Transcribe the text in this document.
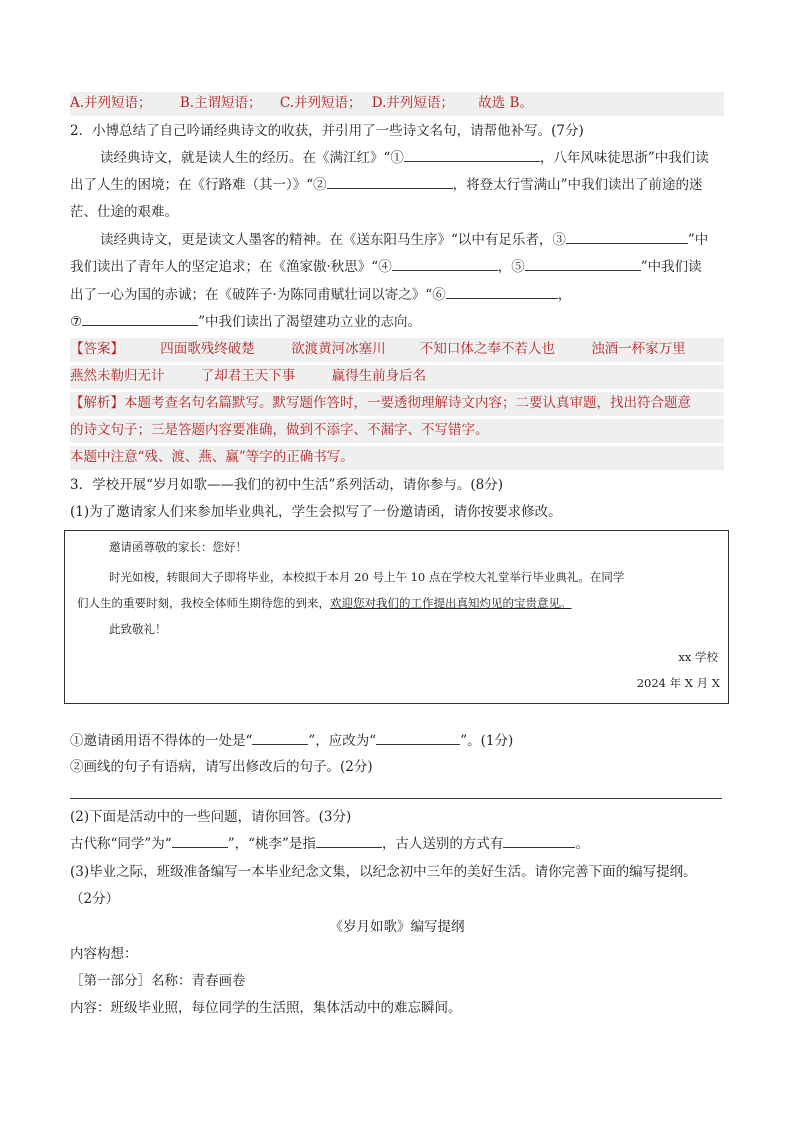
A.并列短语； B.主谓短语； C.并列短语； D.并列短语； 故选 B。
2．小博总结了自己吟诵经典诗文的收获，并引用了一些诗文名句，请帮他补写。(7分)
读经典诗文，就是读人生的经历。在《满江红》“①	，八年风味徒思浙”中我们读
出了人生的困境；在《行路难（其一）》“②	，将登太行雪满山”中我们读出了前途的迷
茫、仕途的艰难。
读经典诗文，更是读文人墨客的精神。在《送东阳马生序》“以中有足乐者，③	”中
我们读出了青年人的坚定追求；在《渔家傲·秋思》“④	，⑤	”中我们读
出了一心为国的赤诚；在《破阵子·为陈同甫赋壮词以寄之》“⑥	，
⑦	”中我们读出了渴望建功立业的志向。
【答案】	四面歌残终破楚	欲渡黄河冰塞川	不知口体之奉不若人也	浊酒一杯家万里
燕然未勒归无计	了却君王天下事	赢得生前身后名
【解析】本题考查名句名篇默写。默写题作答时，一要透彻理解诗文内容；二要认真审题，找出符合题意
的诗文句子；三是答题内容要准确，做到不添字、不漏字、不写错字。
本题中注意“残、渡、燕、赢”等字的正确书写。
3．学校开展“岁月如歌——我们的初中生活”系列活动，请你参与。(8分)
(1)为了邀请家人们来参加毕业典礼，学生会拟写了一份邀请函，请你按要求修改。
邀请函尊敬的家长：您好！
时光如梭，转眼间大子即将毕业，本校拟于本月 20 号上午 10 点在学校大礼堂举行毕业典礼。在同学
们人生的重要时刻，我校全体师生期待您的到来，欢迎您对我们的工作提出真知灼见的宝贵意见。
此致敬礼！
xx 学校
2024 年 X 月 X
①邀请函用语不得体的一处是“	”，应改为“	”。(1分)
②画线的句子有语病，请写出修改后的句子。(2分)
(2)下面是活动中的一些问题，请你回答。(3分)
古代称“同学”为“	”，“桃李”是指	，古人送别的方式有	。
(3)毕业之际，班级准备编写一本毕业纪念文集，以纪念初中三年的美好生活。请你完善下面的编写提纲。
（2分）
《岁月如歌》编写提纲
内容构想：
［第一部分］名称：青春画卷
内容：班级毕业照，每位同学的生活照，集体活动中的难忘瞬间。
